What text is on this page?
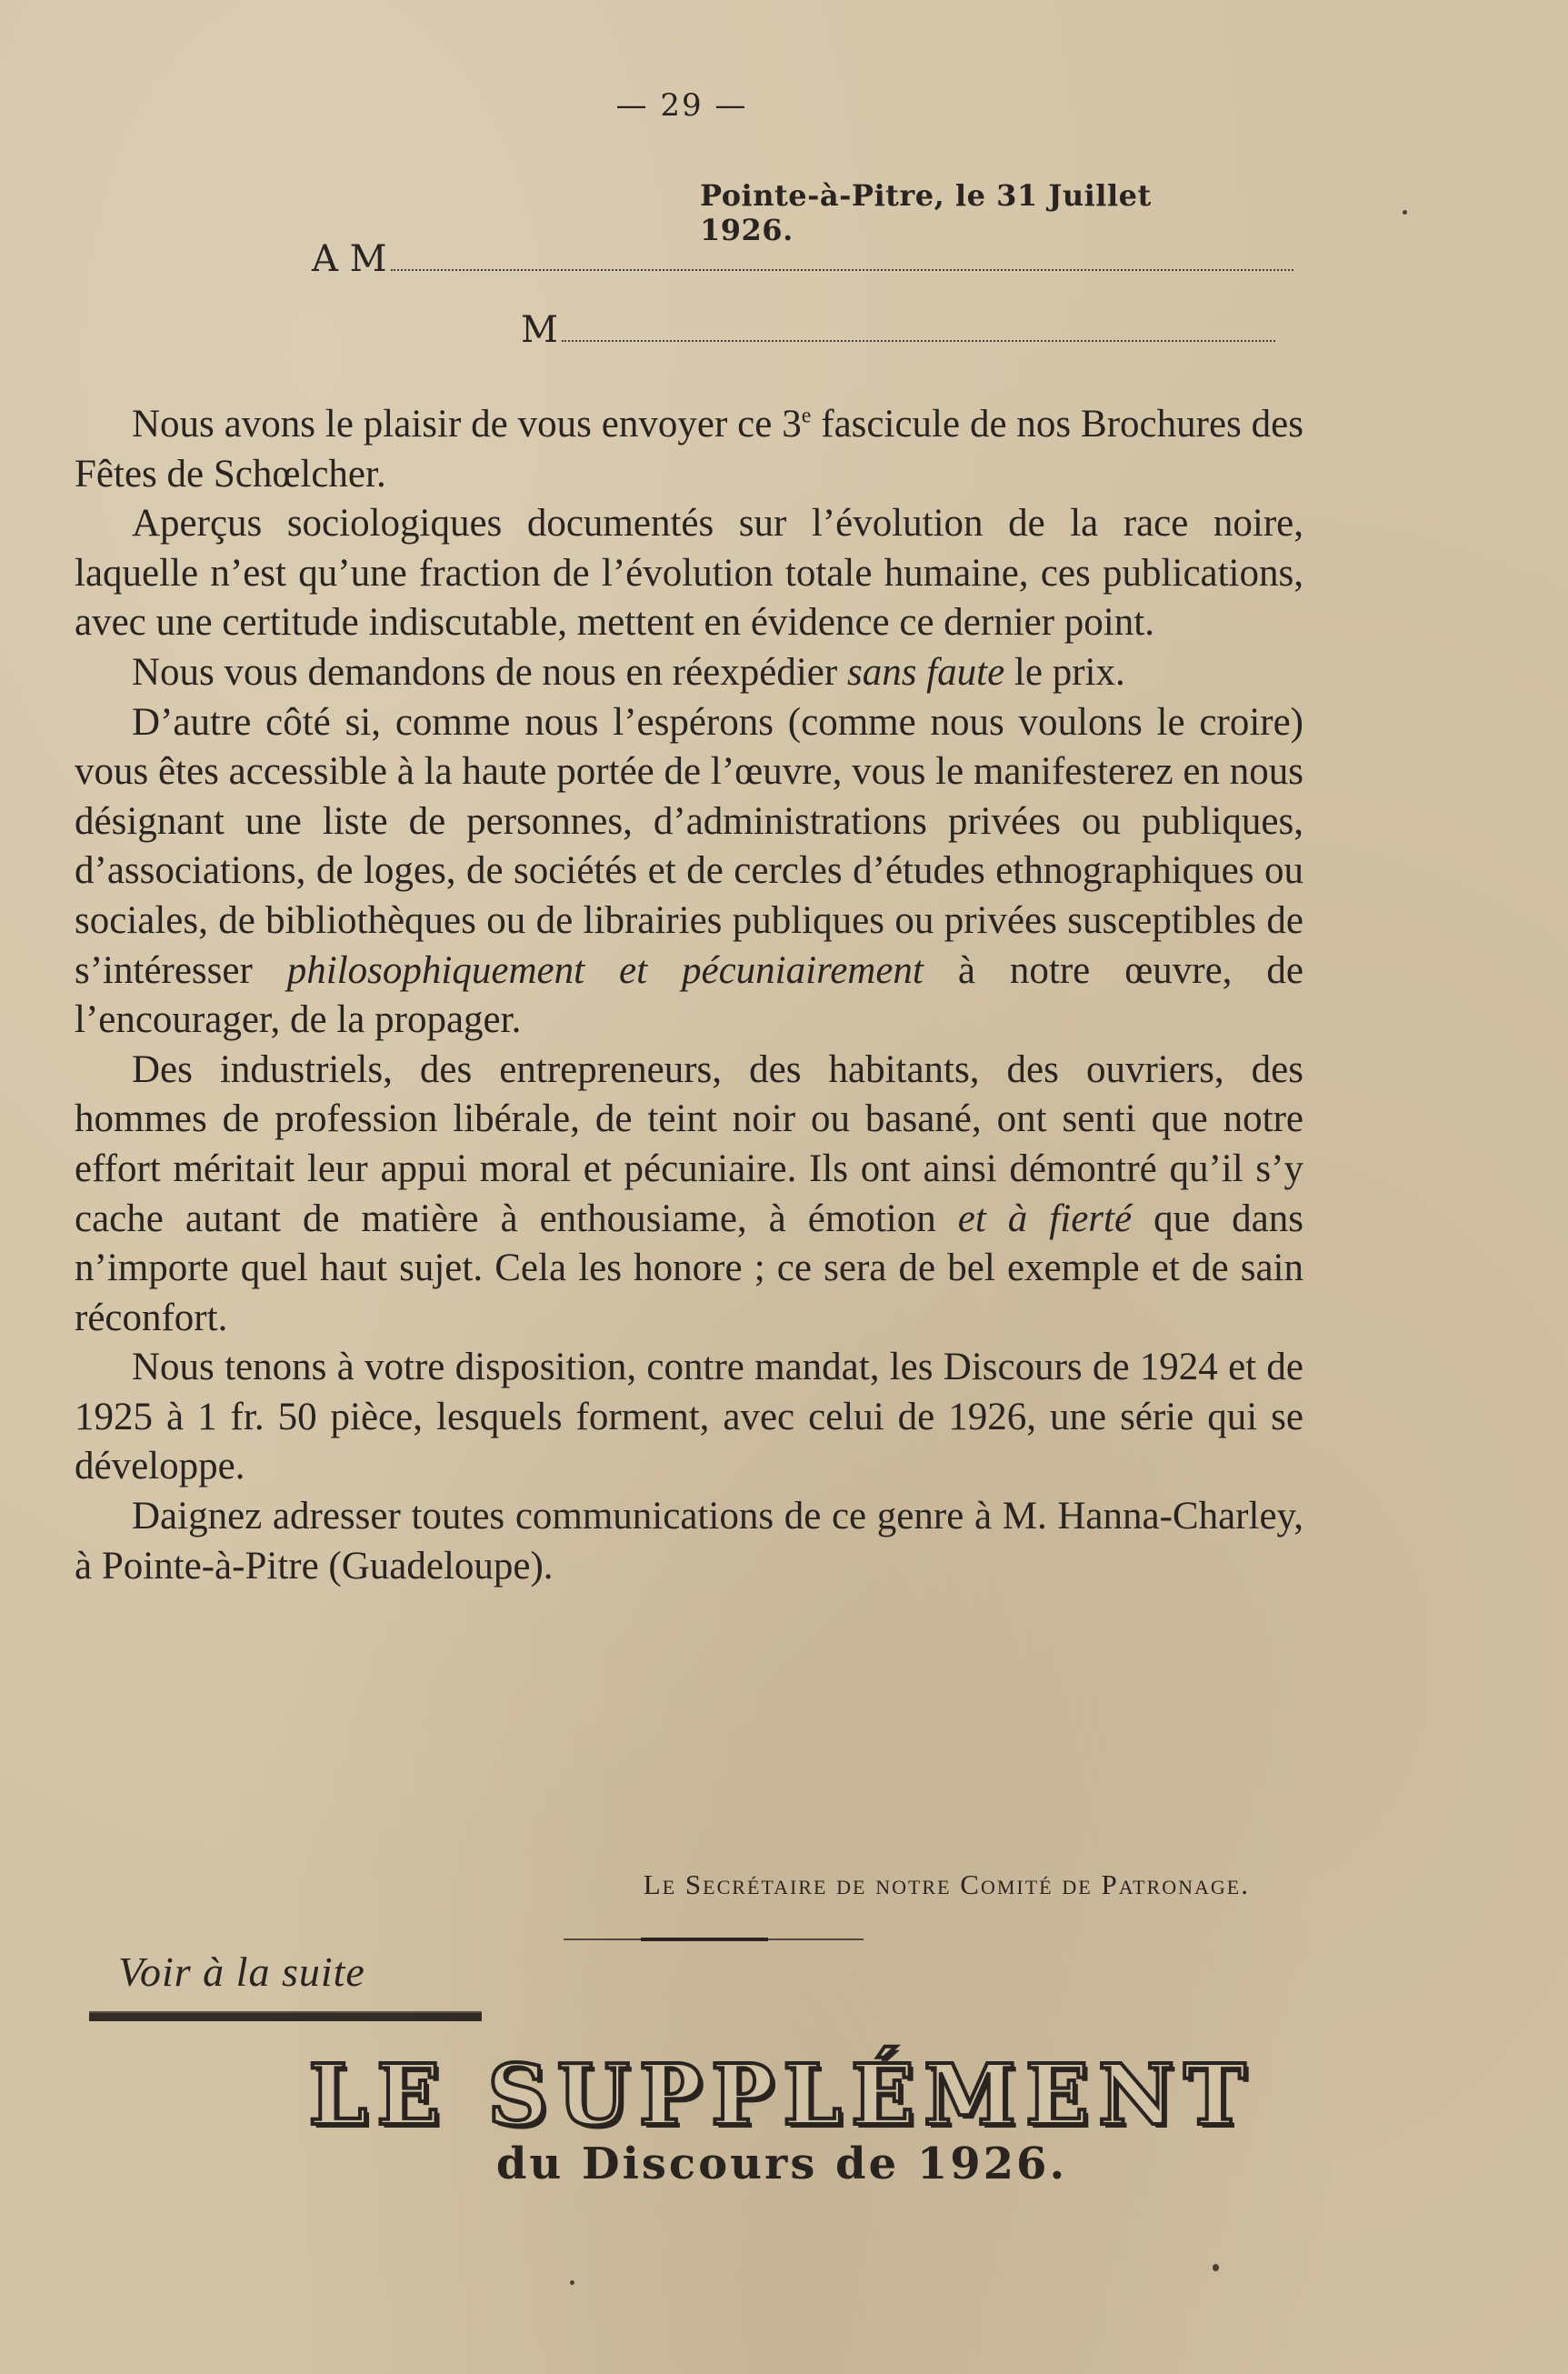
— 29 —
Pointe-à-Pitre, le 31 Juillet 1926.
A M
M

Nous avons le plaisir de vous envoyer ce 3e fascicule de nos Brochures des Fêtes de Schœlcher.

Aperçus sociologiques documentés sur l’évolution de la race noire, laquelle n’est qu’une fraction de l’évolution totale humaine, ces publications, avec une certitude indiscutable, mettent en évidence ce dernier point.

Nous vous demandons de nous en réexpédier sans faute le prix.

D’autre côté si, comme nous l’espérons (comme nous voulons le croire) vous êtes accessible à la haute portée de l’œuvre, vous le manifesterez en nous désignant une liste de personnes, d’administrations privées ou publiques, d’associations, de loges, de sociétés et de cercles d’études ethnographiques ou sociales, de bibliothèques ou de librairies publiques ou privées susceptibles de s’intéresser philosophiquement et pécuniairement à notre œuvre, de l’encourager, de la propager.

Des industriels, des entrepreneurs, des habitants, des ouvriers, des hommes de profession libérale, de teint noir ou basané, ont senti que notre effort méritait leur appui moral et pécuniaire. Ils ont ainsi démontré qu’il s’y cache autant de matière à enthousiame, à émotion et à fierté que dans n’importe quel haut sujet. Cela les honore ; ce sera de bel exemple et de sain réconfort.

Nous tenons à votre disposition, contre mandat, les Discours de 1924 et de 1925 à 1 fr. 50 pièce, lesquels forment, avec celui de 1926, une série qui se développe.

Daignez adresser toutes communications de ce genre à M. Hanna-Charley, à Pointe-à-Pitre (Guadeloupe).

Le Secrétaire de notre Comité de Patronage.
Voir à la suite
LE SUPPLÉMENT
du Discours de 1926.
